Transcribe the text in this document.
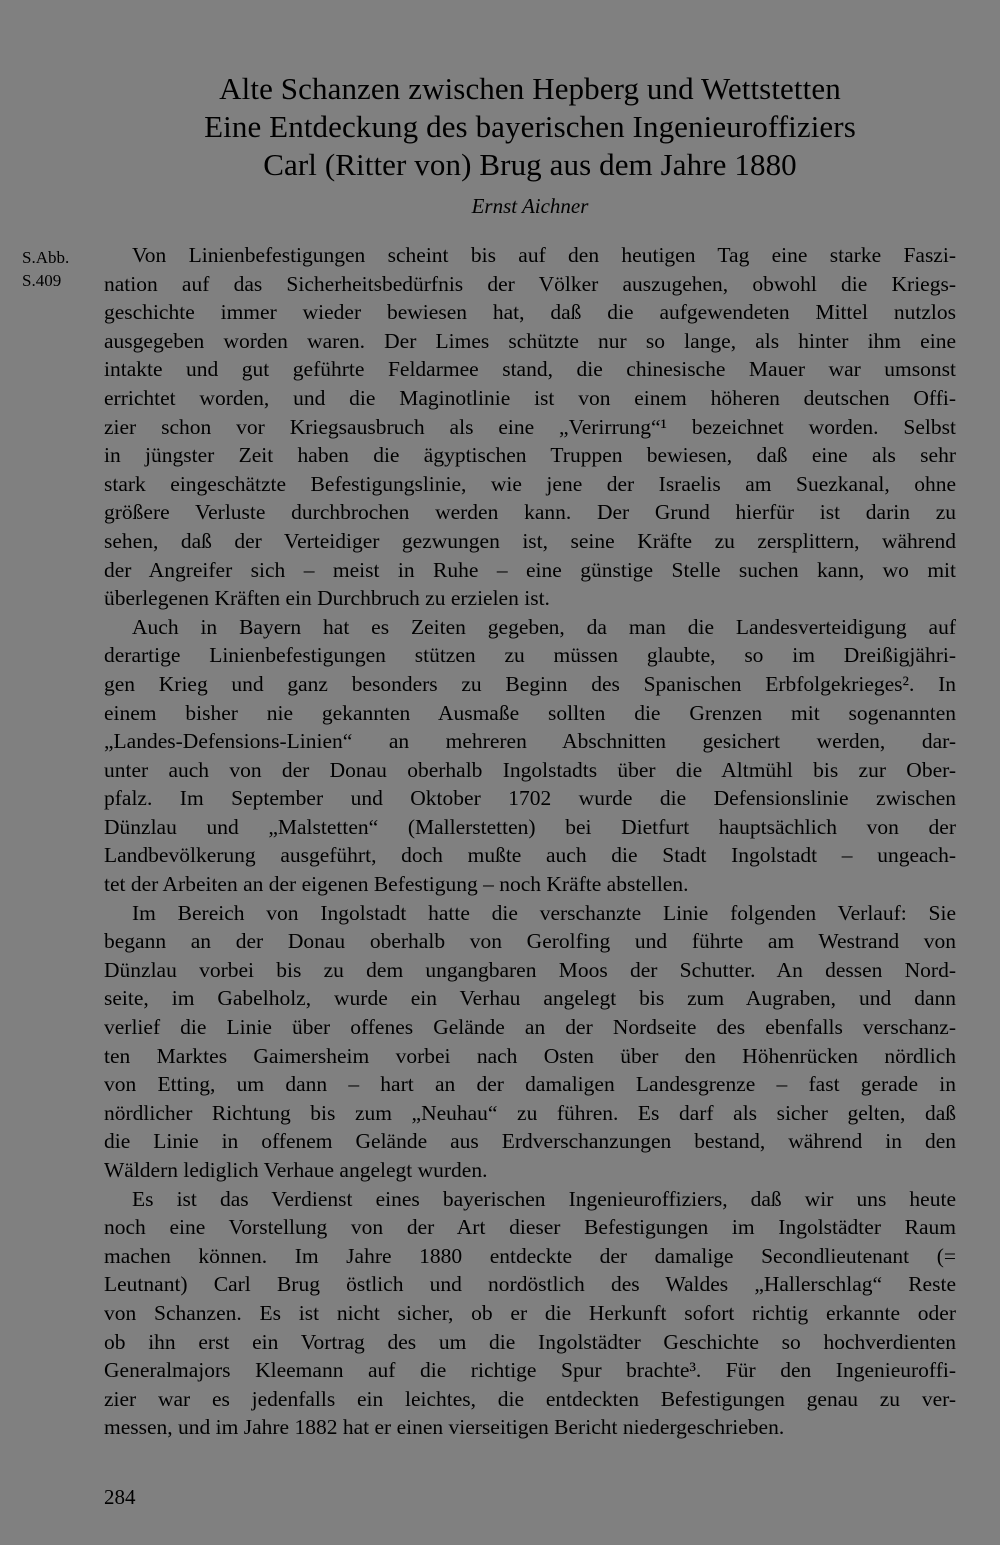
Alte Schanzen zwischen Hepberg und Wettstetten
Eine Entdeckung des bayerischen Ingenieuroffiziers
Carl (Ritter von) Brug aus dem Jahre 1880
Ernst Aichner
S.Abb.
S.409
Von Linienbefestigungen scheint bis auf den heutigen Tag eine starke Faszi-
nation auf das Sicherheitsbedürfnis der Völker auszugehen, obwohl die Kriegs-
geschichte immer wieder bewiesen hat, daß die aufgewendeten Mittel nutzlos
ausgegeben worden waren. Der Limes schützte nur so lange, als hinter ihm eine
intakte und gut geführte Feldarmee stand, die chinesische Mauer war umsonst
errichtet worden, und die Maginotlinie ist von einem höheren deutschen Offi-
zier schon vor Kriegsausbruch als eine „Verirrung“¹ bezeichnet worden. Selbst
in jüngster Zeit haben die ägyptischen Truppen bewiesen, daß eine als sehr
stark eingeschätzte Befestigungslinie, wie jene der Israelis am Suezkanal, ohne
größere Verluste durchbrochen werden kann. Der Grund hierfür ist darin zu
sehen, daß der Verteidiger gezwungen ist, seine Kräfte zu zersplittern, während
der Angreifer sich – meist in Ruhe – eine günstige Stelle suchen kann, wo mit
überlegenen Kräften ein Durchbruch zu erzielen ist.
Auch in Bayern hat es Zeiten gegeben, da man die Landesverteidigung auf
derartige Linienbefestigungen stützen zu müssen glaubte, so im Dreißigjähri-
gen Krieg und ganz besonders zu Beginn des Spanischen Erbfolgekrieges². In
einem bisher nie gekannten Ausmaße sollten die Grenzen mit sogenannten
„Landes-Defensions-Linien“ an mehreren Abschnitten gesichert werden, dar-
unter auch von der Donau oberhalb Ingolstadts über die Altmühl bis zur Ober-
pfalz. Im September und Oktober 1702 wurde die Defensionslinie zwischen
Dünzlau und „Malstetten“ (Mallerstetten) bei Dietfurt hauptsächlich von der
Landbevölkerung ausgeführt, doch mußte auch die Stadt Ingolstadt – ungeach-
tet der Arbeiten an der eigenen Befestigung – noch Kräfte abstellen.
Im Bereich von Ingolstadt hatte die verschanzte Linie folgenden Verlauf: Sie
begann an der Donau oberhalb von Gerolfing und führte am Westrand von
Dünzlau vorbei bis zu dem ungangbaren Moos der Schutter. An dessen Nord-
seite, im Gabelholz, wurde ein Verhau angelegt bis zum Augraben, und dann
verlief die Linie über offenes Gelände an der Nordseite des ebenfalls verschanz-
ten Marktes Gaimersheim vorbei nach Osten über den Höhenrücken nördlich
von Etting, um dann – hart an der damaligen Landesgrenze – fast gerade in
nördlicher Richtung bis zum „Neuhau“ zu führen. Es darf als sicher gelten, daß
die Linie in offenem Gelände aus Erdverschanzungen bestand, während in den
Wäldern lediglich Verhaue angelegt wurden.
Es ist das Verdienst eines bayerischen Ingenieuroffiziers, daß wir uns heute
noch eine Vorstellung von der Art dieser Befestigungen im Ingolstädter Raum
machen können. Im Jahre 1880 entdeckte der damalige Secondlieutenant (=
Leutnant) Carl Brug östlich und nordöstlich des Waldes „Hallerschlag“ Reste
von Schanzen. Es ist nicht sicher, ob er die Herkunft sofort richtig erkannte oder
ob ihn erst ein Vortrag des um die Ingolstädter Geschichte so hochverdienten
Generalmajors Kleemann auf die richtige Spur brachte³. Für den Ingenieuroffi-
zier war es jedenfalls ein leichtes, die entdeckten Befestigungen genau zu ver-
messen, und im Jahre 1882 hat er einen vierseitigen Bericht niedergeschrieben.
284
